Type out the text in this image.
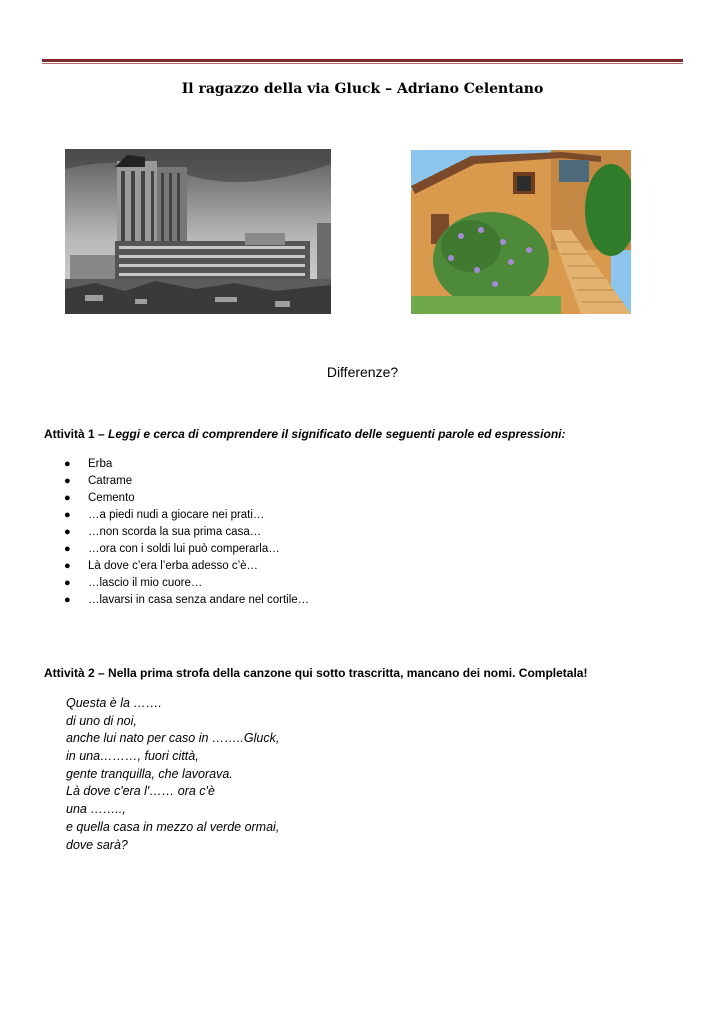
Il ragazzo della via Gluck – Adriano Celentano
Differenze?
Attività 1 – Leggi e cerca di comprendere il significato delle seguenti parole ed espressioni:
● Erba
● Catrame
● Cemento
● …a piedi nudi a giocare nei prati…
● …non scorda la sua prima casa…
● …ora con i soldi lui può comperarla…
● Là dove c’era l’erba adesso c’è…
● …lascio il mio cuore…
● …lavarsi in casa senza andare nel cortile…
Attività 2 – Nella prima strofa della canzone qui sotto trascritta, mancano dei nomi. Completala!
Questa è la …….
di uno di noi,
anche lui nato per caso in ……..Gluck,
in una………, fuori città,
gente tranquilla, che lavorava.
Là dove c'era l'…… ora c'è
una ……..,
e quella casa in mezzo al verde ormai,
dove sarà?
